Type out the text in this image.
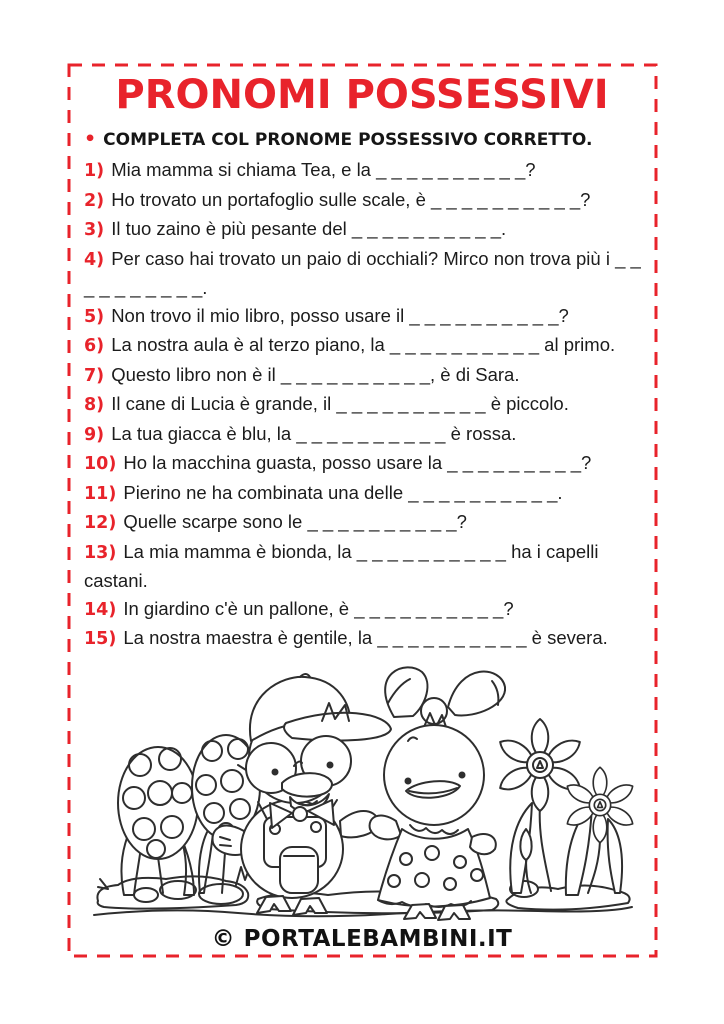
PRONOMI POSSESSIVI
• COMPLETA COL PRONOME POSSESSIVO CORRETTO.

1) Mia mamma si chiama Tea, e la _ _ _ _ _ _ _ _ _ _?

2) Ho trovato un portafoglio sulle scale, è _ _ _ _ _ _ _ _ _ _?

3) Il tuo zaino è più pesante del _ _ _ _ _ _ _ _ _ _.

4) Per caso hai trovato un paio di occhiali? Mirco non trova più i _ _ _ _ _ _ _ _ _ _.

5) Non trovo il mio libro, posso usare il _ _ _ _ _ _ _ _ _ _?

6) La nostra aula è al terzo piano, la _ _ _ _ _ _ _ _ _ _ al primo.

7) Questo libro non è il _ _ _ _ _ _ _ _ _ _, è di Sara.

8) Il cane di Lucia è grande, il _ _ _ _ _ _ _ _ _ _ è piccolo.

9) La tua giacca è blu, la _ _ _ _ _ _ _ _ _ _ è rossa.

10) Ho la macchina guasta, posso usare la _ _ _ _ _ _ _ _ _?

11) Pierino ne ha combinata una delle _ _ _ _ _ _ _ _ _ _.

12) Quelle scarpe sono le _ _ _ _ _ _ _ _ _ _?

13) La mia mamma è bionda, la _ _ _ _ _ _ _ _ _ _ ha i capelli castani.

14) In giardino c'è un pallone, è _ _ _ _ _ _ _ _ _ _?

15) La nostra maestra è gentile, la _ _ _ _ _ _ _ _ _ _ è severa.

© PORTALEBAMBINI.IT
